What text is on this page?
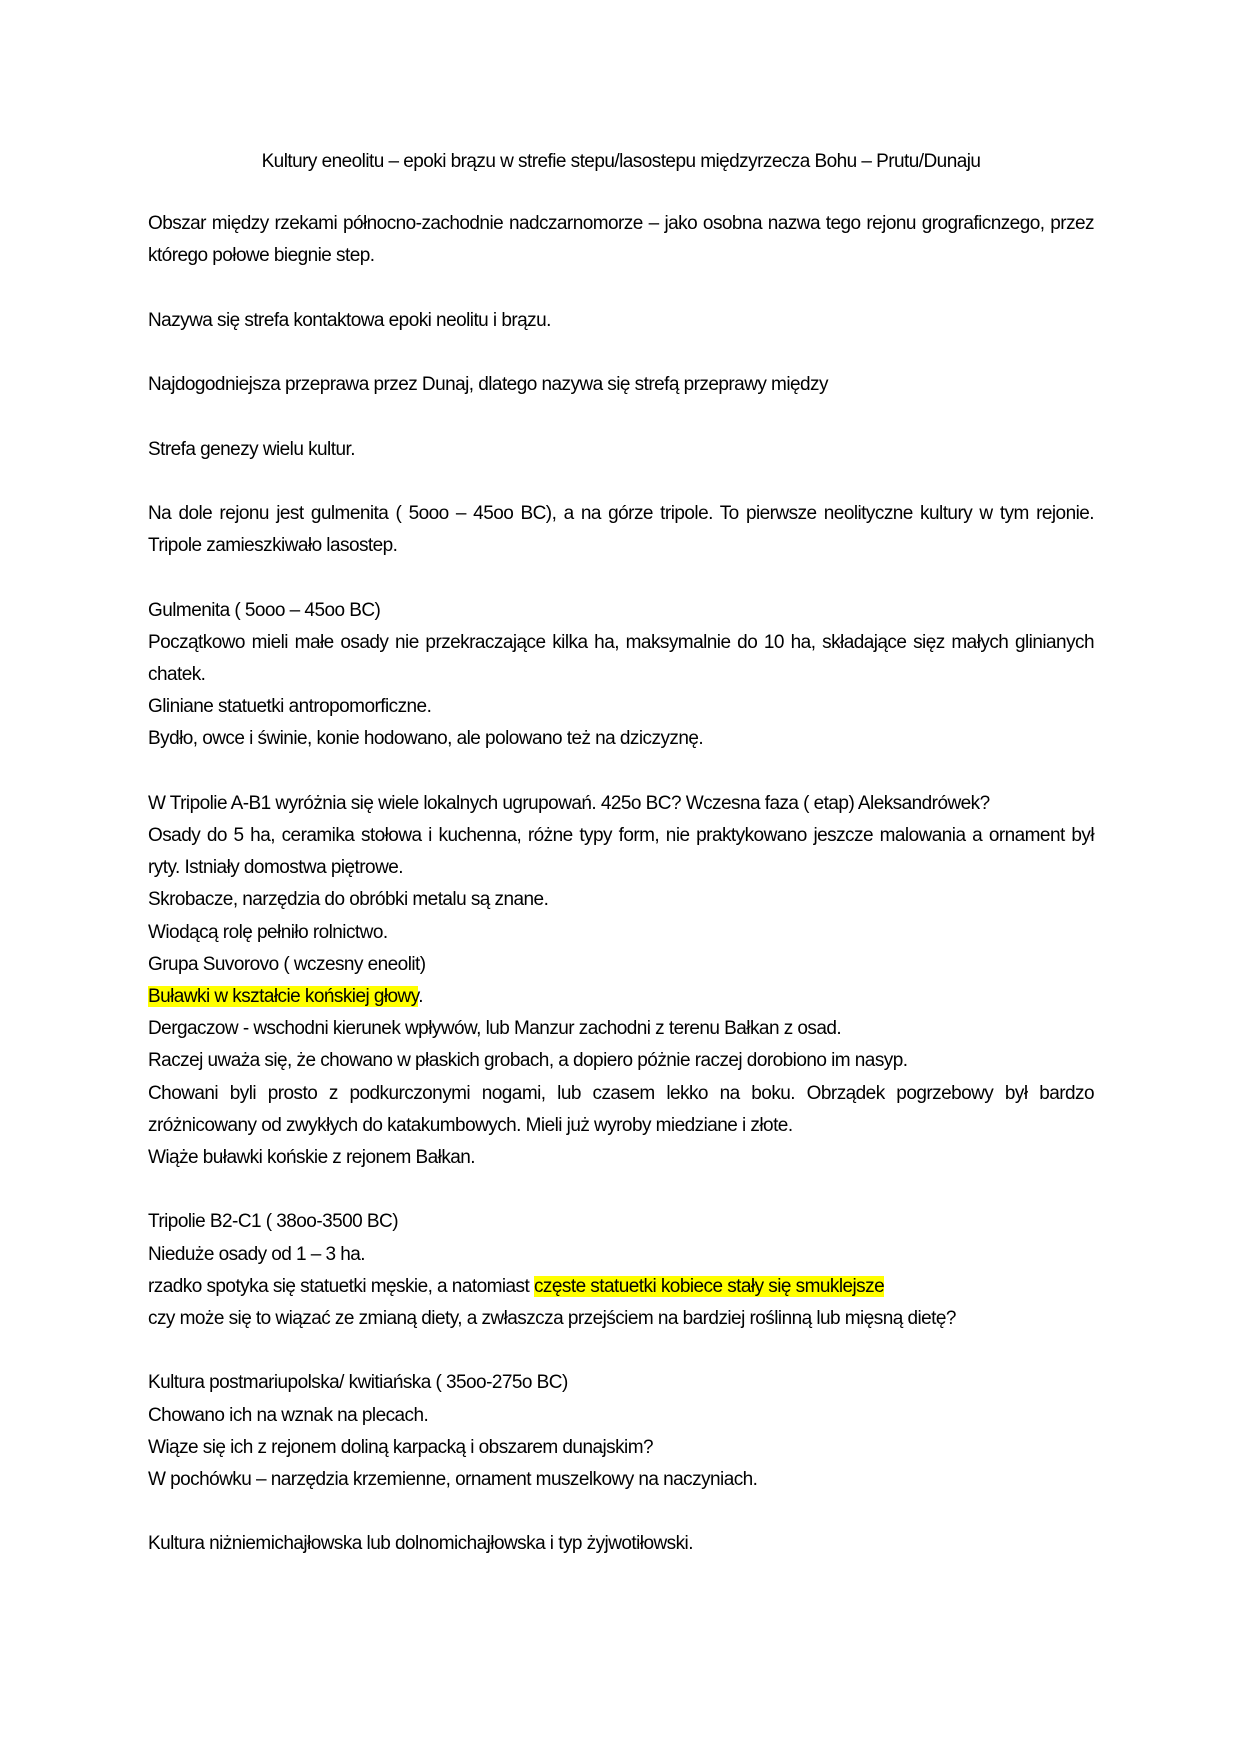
Kultury eneolitu – epoki brązu w strefie stepu/lasostepu międzyrzecza Bohu – Prutu/Dunaju
Obszar między rzekami północno-zachodnie nadczarnomorze – jako osobna nazwa tego rejonu grograficnzego, przez którego połowe biegnie step.
Nazywa się strefa kontaktowa epoki neolitu i brązu.
Najdogodniejsza przeprawa przez Dunaj, dlatego nazywa się strefą przeprawy między
Strefa genezy wielu kultur.
Na dole rejonu jest gulmenita ( 5ooo – 45oo BC), a na górze tripole. To pierwsze neolityczne kultury w tym rejonie. Tripole zamieszkiwało lasostep.
Gulmenita ( 5ooo – 45oo BC)
Początkowo mieli małe osady nie przekraczające kilka ha, maksymalnie do 10 ha, składające sięz małych glinianych chatek.
Gliniane statuetki antropomorficzne.
Bydło, owce i świnie, konie hodowano, ale polowano też na dziczyznę.
W Tripolie A-B1 wyróżnia się wiele lokalnych ugrupowań. 425o BC? Wczesna faza ( etap) Aleksandrówek?
Osady do 5 ha, ceramika stołowa i kuchenna, różne typy form, nie praktykowano jeszcze malowania a ornament był ryty. Istniały domostwa piętrowe.
Skrobacze, narzędzia do obróbki metalu są znane.
Wiodącą rolę pełniło rolnictwo.
Grupa Suvorovo ( wczesny eneolit)
Buławki w kształcie końskiej głowy.
Dergaczow - wschodni kierunek wpływów, lub Manzur zachodni z terenu Bałkan z osad.
Raczej uważa się, że chowano w płaskich grobach, a dopiero póżnie raczej dorobiono im nasyp.
Chowani byli prosto z podkurczonymi nogami, lub czasem lekko na boku. Obrządek pogrzebowy był bardzo zróżnicowany od zwykłych do katakumbowych. Mieli już wyroby miedziane i złote.
Wiąże buławki końskie z rejonem Bałkan.
Tripolie B2-C1 ( 38oo-3500 BC)
Nieduże osady od 1 – 3 ha.
rzadko spotyka się statuetki męskie, a natomiast częste statuetki kobiece stały się smuklejsze
czy może się to wiązać ze zmianą diety, a zwłaszcza przejściem na bardziej roślinną lub mięsną dietę?
Kultura postmariupolska/ kwitiańska ( 35oo-275o BC)
Chowano ich na wznak na plecach.
Wiąze się ich z rejonem doliną karpacką i obszarem dunajskim?
W pochówku – narzędzia krzemienne, ornament muszelkowy na naczyniach.
Kultura niżniemichajłowska lub dolnomichajłowska i typ żyjwotiłowski.
